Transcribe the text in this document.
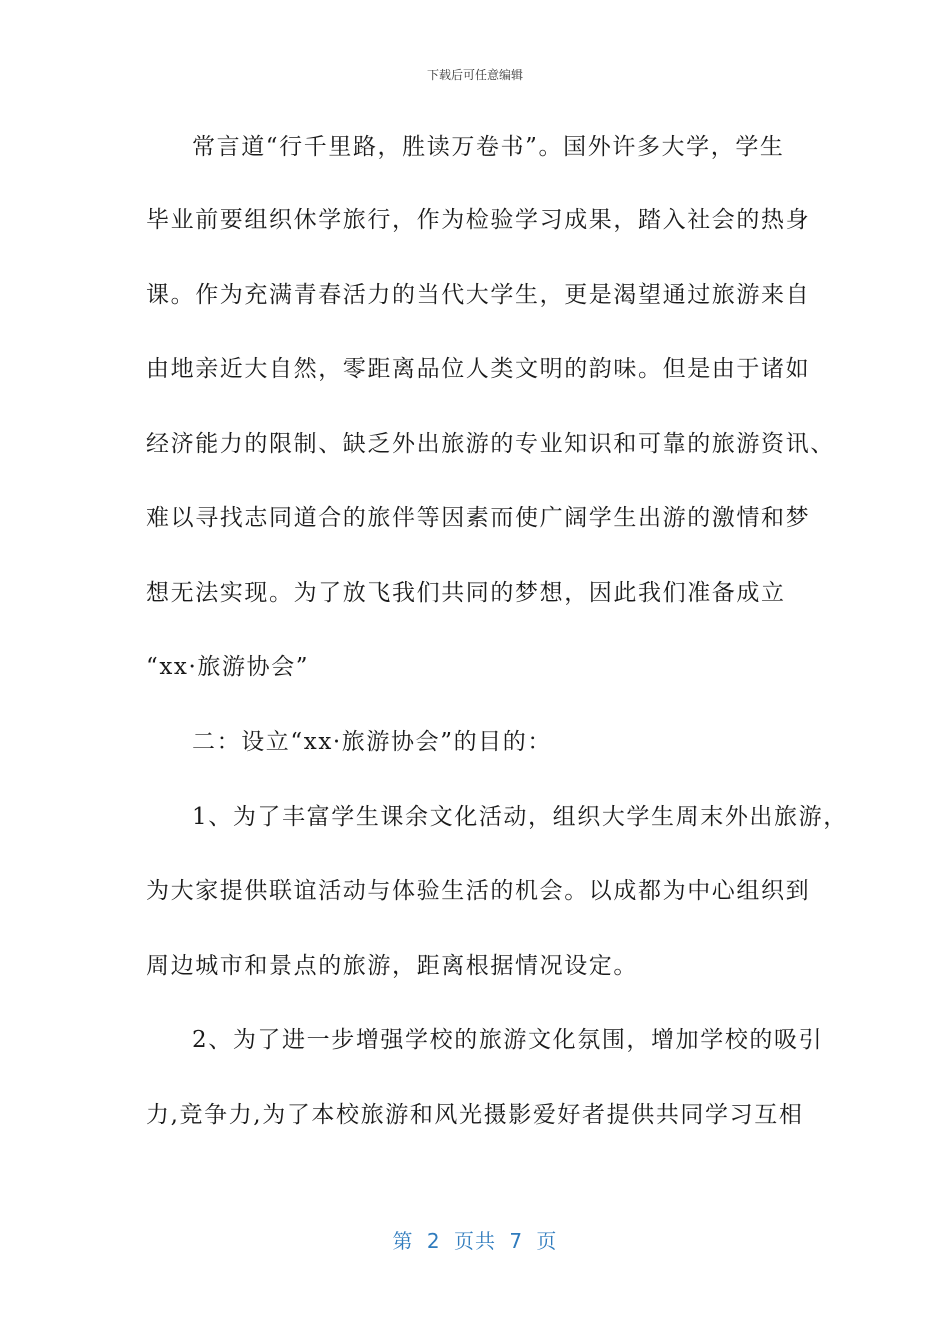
下载后可任意编辑
常言道“行千里路，胜读万卷书”。国外许多大学，学生
毕业前要组织休学旅行，作为检验学习成果，踏入社会的热身
课。作为充满青春活力的当代大学生，更是渴望通过旅游来自
由地亲近大自然，零距离品位人类文明的韵味。但是由于诸如
经济能力的限制、缺乏外出旅游的专业知识和可靠的旅游资讯、
难以寻找志同道合的旅伴等因素而使广阔学生出游的激情和梦
想无法实现。为了放飞我们共同的梦想，因此我们准备成立
“xx·旅游协会”
二：设立“xx·旅游协会”的目的：
1、为了丰富学生课余文化活动，组织大学生周末外出旅游，
为大家提供联谊活动与体验生活的机会。以成都为中心组织到
周边城市和景点的旅游，距离根据情况设定。
2、为了进一步增强学校的旅游文化氛围，增加学校的吸引
力,竞争力,为了本校旅游和风光摄影爱好者提供共同学习互相
第 2 页共 7 页
